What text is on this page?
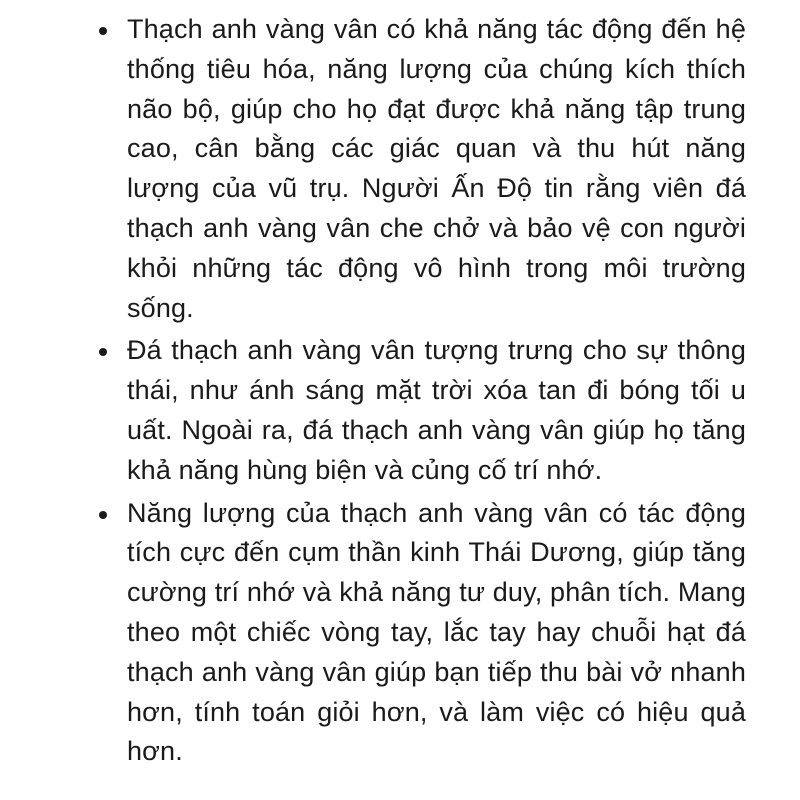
Thạch anh vàng vân có khả năng tác động đến hệ thống tiêu hóa, năng lượng của chúng kích thích não bộ, giúp cho họ đạt được khả năng tập trung cao, cân bằng các giác quan và thu hút năng lượng của vũ trụ. Người Ấn Độ tin rằng viên đá thạch anh vàng vân che chở và bảo vệ con người khỏi những tác động vô hình trong môi trường sống.
Đá thạch anh vàng vân tượng trưng cho sự thông thái, như ánh sáng mặt trời xóa tan đi bóng tối u uất. Ngoài ra, đá thạch anh vàng vân giúp họ tăng khả năng hùng biện và củng cố trí nhớ.
Năng lượng của thạch anh vàng vân có tác động tích cực đến cụm thần kinh Thái Dương, giúp tăng cường trí nhớ và khả năng tư duy, phân tích. Mang theo một chiếc vòng tay, lắc tay hay chuỗi hạt đá thạch anh vàng vân giúp bạn tiếp thu bài vở nhanh hơn, tính toán giỏi hơn, và làm việc có hiệu quả hơn.
